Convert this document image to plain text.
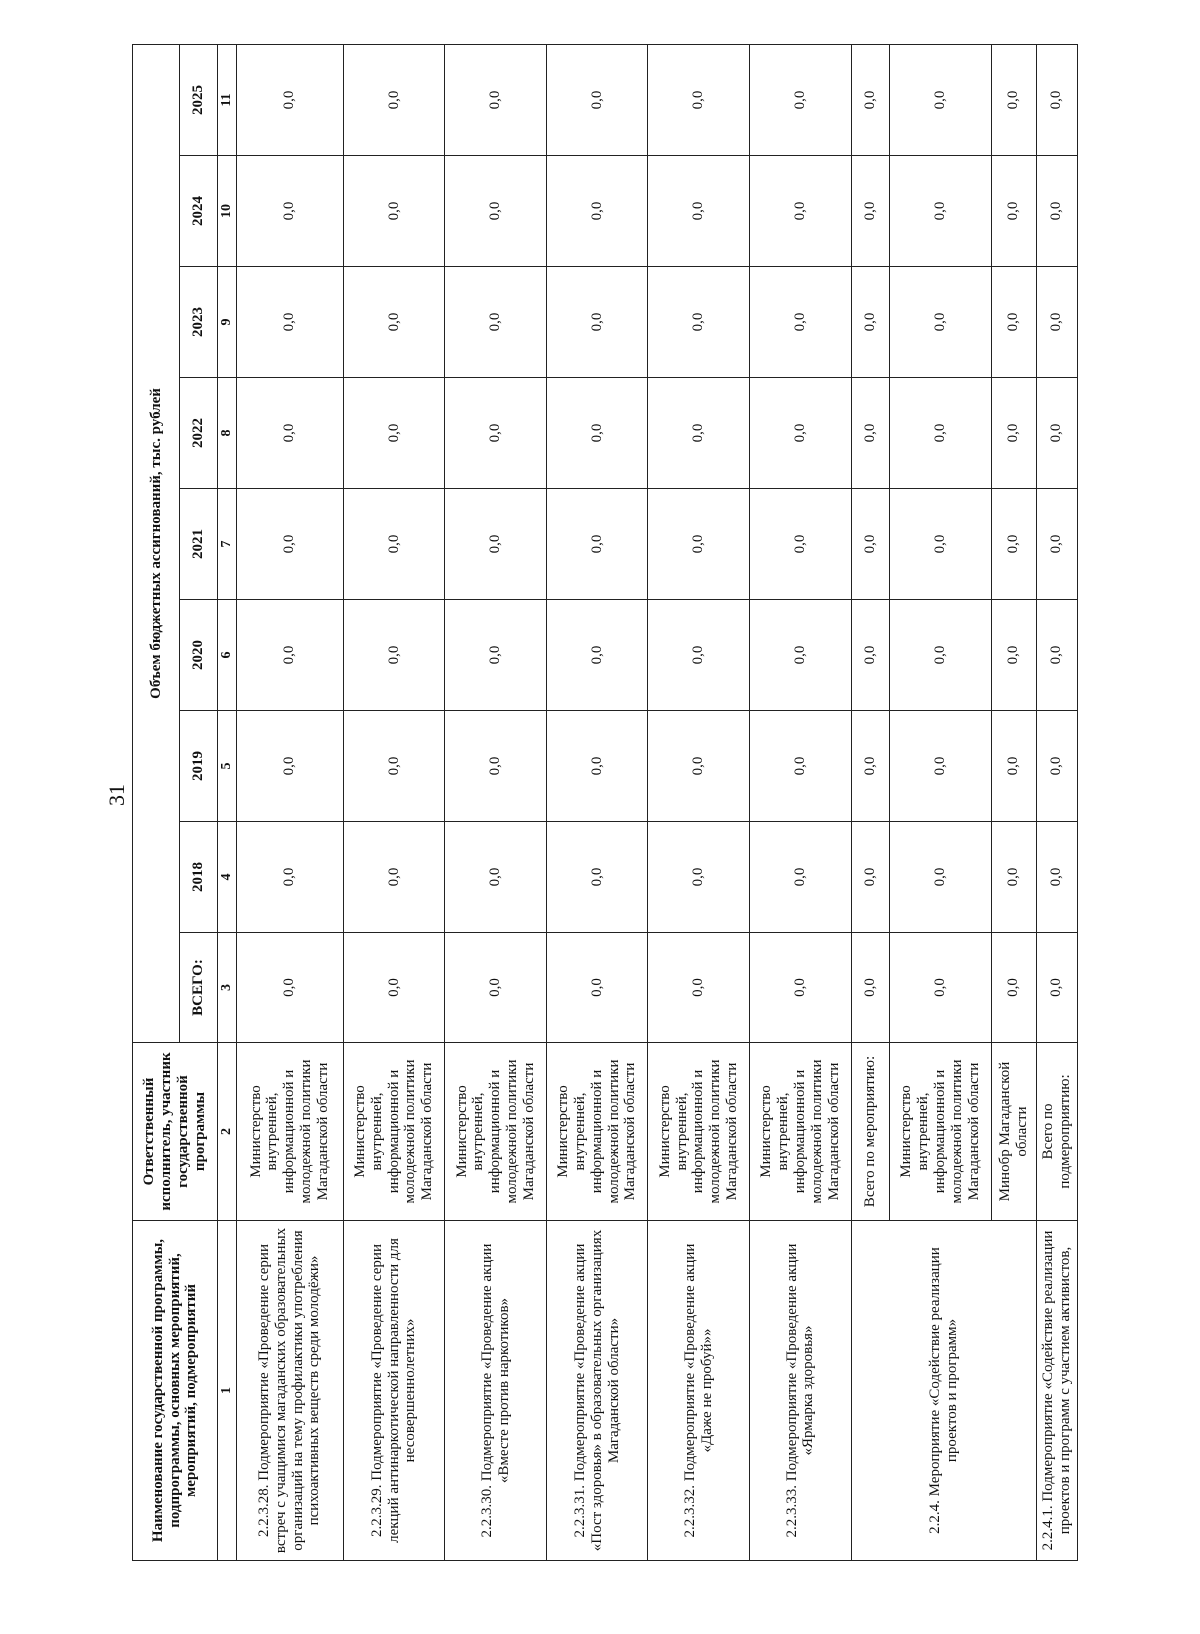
31
Наименование государственной программы, подпрограммы, основных мероприятий, мероприятий, подмероприятий	Ответственный исполнитель, участник государственной программы	Объем бюджетных ассигнований, тыс. рублей								
		ВСЕГО:	2018	2019	2020	2021	2022	2023	2024	2025
1	2	3	4	5	6	7	8	9	10	11
2.2.3.28. Подмероприятие «Проведение серии встреч с учащимися магаданских образовательных организаций на тему профилактики употребления психоактивных веществ среди молодёжи»	Министерство внутренней, информационной и молодежной политики Магаданской области	0,0	0,0	0,0	0,0	0,0	0,0	0,0	0,0	0,0
2.2.3.29. Подмероприятие «Проведение серии лекций антинаркотической направленности для несовершеннолетних»	Министерство внутренней, информационной и молодежной политики Магаданской области	0,0	0,0	0,0	0,0	0,0	0,0	0,0	0,0	0,0
2.2.3.30. Подмероприятие «Проведение акции «Вместе против наркотиков»	Министерство внутренней, информационной и молодежной политики Магаданской области	0,0	0,0	0,0	0,0	0,0	0,0	0,0	0,0	0,0
2.2.3.31. Подмероприятие «Проведение акции «Пост здоровья» в образовательных организациях Магаданской области»	Министерство внутренней, информационной и молодежной политики Магаданской области	0,0	0,0	0,0	0,0	0,0	0,0	0,0	0,0	0,0
2.2.3.32. Подмероприятие «Проведение акции «Даже не пробуй»»	Министерство внутренней, информационной и молодежной политики Магаданской области	0,0	0,0	0,0	0,0	0,0	0,0	0,0	0,0	0,0
2.2.3.33. Подмероприятие «Проведение акции «Ярмарка здоровья»	Министерство внутренней, информационной и молодежной политики Магаданской области	0,0	0,0	0,0	0,0	0,0	0,0	0,0	0,0	0,0
2.2.4. Мероприятие «Содействие реализации проектов и программ»	Всего по мероприятию:	0,0	0,0	0,0	0,0	0,0	0,0	0,0	0,0	0,0
	Министерство внутренней, информационной и молодежной политики Магаданской области	0,0	0,0	0,0	0,0	0,0	0,0	0,0	0,0	0,0
	Минобр Магаданской области	0,0	0,0	0,0	0,0	0,0	0,0	0,0	0,0	0,0
2.2.4.1. Подмероприятие «Содействие реализации проектов и программ с участием активистов,	Всего по подмероприятию:	0,0	0,0	0,0	0,0	0,0	0,0	0,0	0,0	0,0
